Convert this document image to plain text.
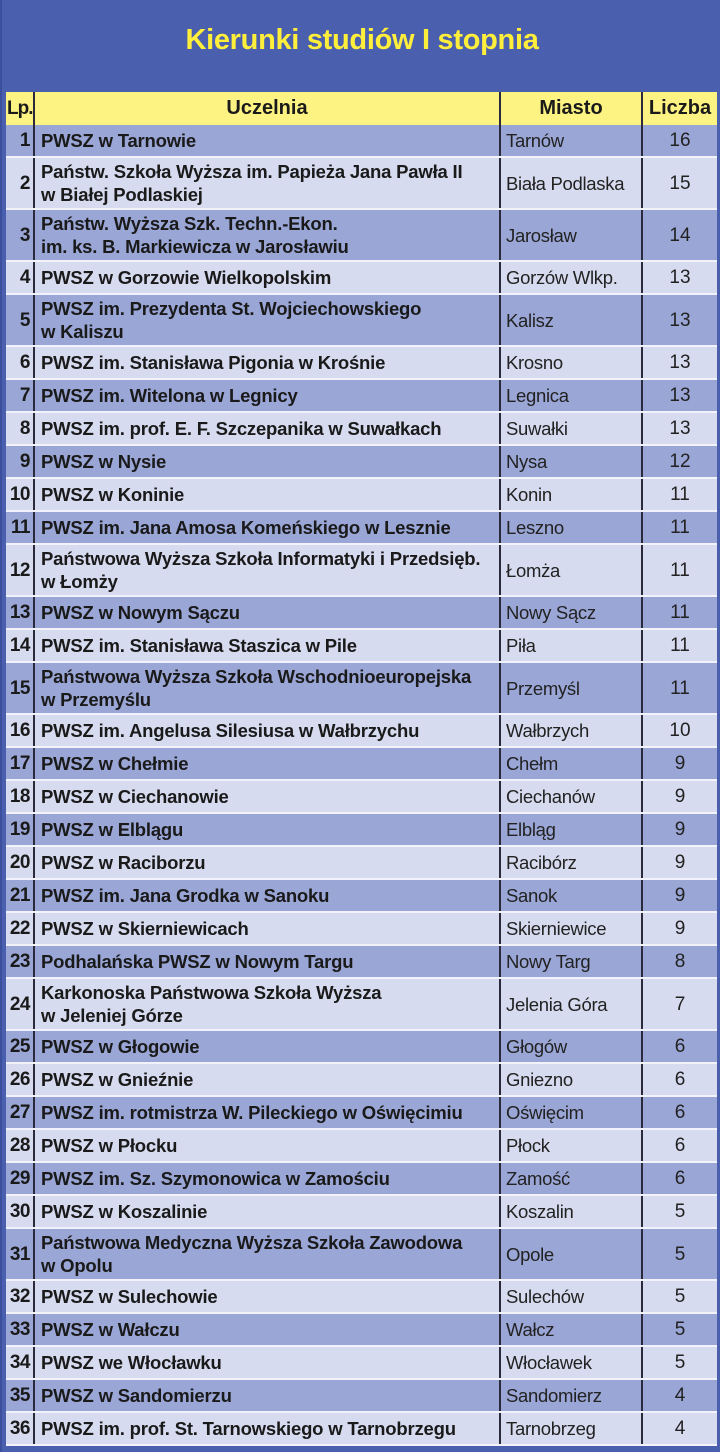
Kierunki studiów I stopnia
Lp.	Uczelnia	Miasto	Liczba
1	PWSZ w Tarnowie	Tarnów	16
2	Państw. Szkoła Wyższa im. Papieża Jana Pawła II
w Białej Podlaskiej	Biała Podlaska	15
3	Państw. Wyższa Szk. Techn.-Ekon.
im. ks. B. Markiewicza w Jarosławiu	Jarosław	14
4	PWSZ w Gorzowie Wielkopolskim	Gorzów Wlkp.	13
5	PWSZ im. Prezydenta St. Wojciechowskiego
w Kaliszu	Kalisz	13
6	PWSZ im. Stanisława Pigonia w Krośnie	Krosno	13
7	PWSZ im. Witelona w Legnicy	Legnica	13
8	PWSZ im. prof. E. F. Szczepanika w Suwałkach	Suwałki	13
9	PWSZ w Nysie	Nysa	12
10	PWSZ w Koninie	Konin	11
11	PWSZ im. Jana Amosa Komeńskiego w Lesznie	Leszno	11
12	Państwowa Wyższa Szkoła Informatyki i Przedsięb.
w Łomży	Łomża	11
13	PWSZ w Nowym Sączu	Nowy Sącz	11
14	PWSZ im. Stanisława Staszica w Pile	Piła	11
15	Państwowa Wyższa Szkoła Wschodnioeuropejska
w Przemyślu	Przemyśl	11
16	PWSZ im. Angelusa Silesiusa w Wałbrzychu	Wałbrzych	10
17	PWSZ w Chełmie	Chełm	9
18	PWSZ w Ciechanowie	Ciechanów	9
19	PWSZ w Elblągu	Elbląg	9
20	PWSZ w Raciborzu	Racibórz	9
21	PWSZ im. Jana Grodka w Sanoku	Sanok	9
22	PWSZ w Skierniewicach	Skierniewice	9
23	Podhalańska PWSZ w Nowym Targu	Nowy Targ	8
24	Karkonoska Państwowa Szkoła Wyższa
w Jeleniej Górze	Jelenia Góra	7
25	PWSZ w Głogowie	Głogów	6
26	PWSZ w Gnieźnie	Gniezno	6
27	PWSZ im. rotmistrza W. Pileckiego w Oświęcimiu	Oświęcim	6
28	PWSZ w Płocku	Płock	6
29	PWSZ im. Sz. Szymonowica w Zamościu	Zamość	6
30	PWSZ w Koszalinie	Koszalin	5
31	Państwowa Medyczna Wyższa Szkoła Zawodowa
w Opolu	Opole	5
32	PWSZ w Sulechowie	Sulechów	5
33	PWSZ w Wałczu	Wałcz	5
34	PWSZ we Włocławku	Włocławek	5
35	PWSZ w Sandomierzu	Sandomierz	4
36	PWSZ im. prof. St. Tarnowskiego w Tarnobrzegu	Tarnobrzeg	4
